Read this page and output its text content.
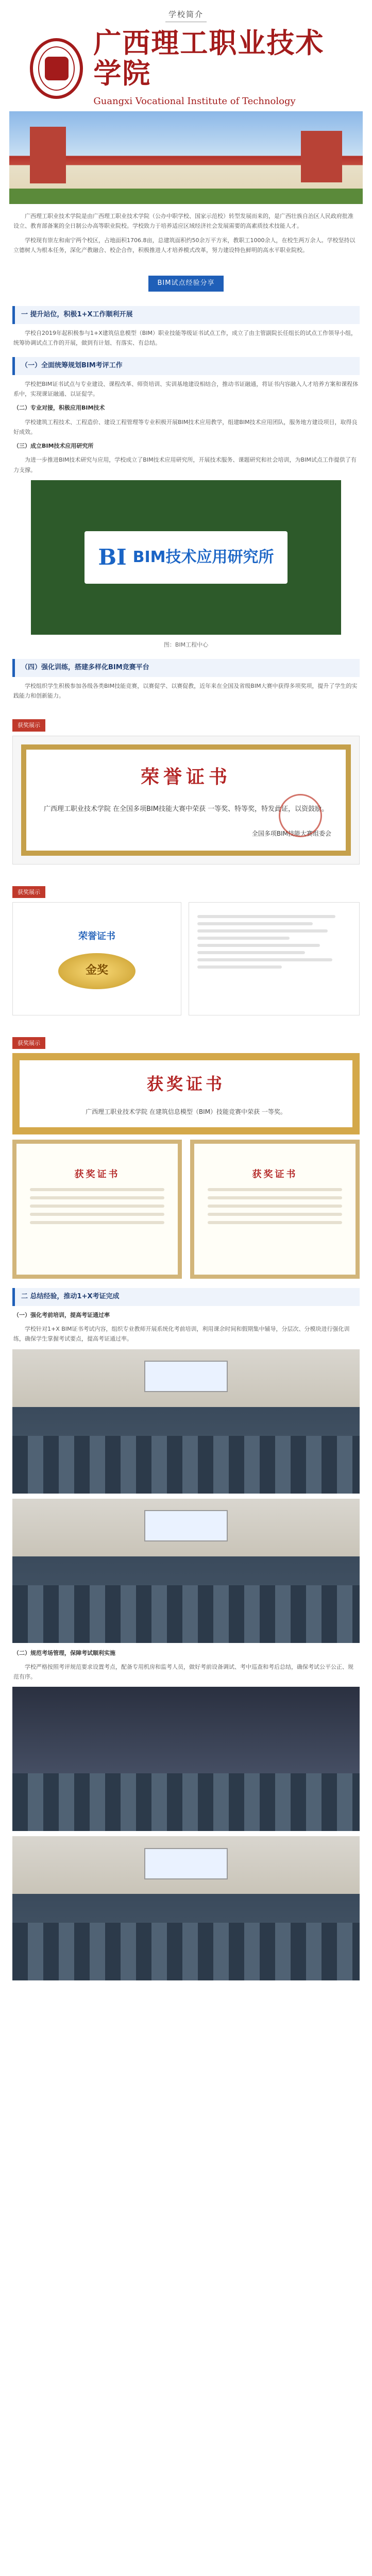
学校简介
广西理工职业技术学院
Guangxi Vocational Institute of Technology

广西理工职业技术学院是由广西理工职业技术学院（公办中职学校、国家示范校）转型发展而来的，是广西壮族自治区人民政府批准设立、教育部备案的全日制公办高等职业院校。学校致力于培养适应区域经济社会发展需要的高素质技术技能人才。

学校现有崇左和南宁两个校区，占地面积1706.8亩，总建筑面积约50余万平方米，教职工1000余人，在校生两万余人。学校坚持以立德树人为根本任务，深化产教融合、校企合作，积极推进人才培养模式改革，努力建设特色鲜明的高水平职业院校。

BIM试点经验分享
一 提升站位，积极1+X工作顺利开展
学校自2019年起积极参与1+X建筑信息模型（BIM）职业技能等级证书试点工作，成立了由主管副院长任组长的试点工作领导小组，统筹协调试点工作的开展，做到有计划、有落实、有总结。
（一）全面统筹规划BIM考评工作
学校把BIM证书试点与专业建设、课程改革、师资培训、实训基地建设相结合，推动书证融通，将证书内容融入人才培养方案和课程体系中，实现课证融通、以证促学。
（二）专业对接，积极应用BIM技术
学校建筑工程技术、工程造价、建设工程管理等专业积极开展BIM技术应用教学，组建BIM技术应用团队，服务地方建设项目，取得良好成效。
（三）成立BIM技术应用研究所
为进一步推进BIM技术研究与应用，学校成立了BIM技术应用研究所，开展技术服务、课题研究和社会培训，为BIM试点工作提供了有力支撑。
BI BIM技术应用研究所
图：BIM工程中心
（四）强化训练，搭建多样化BIM竞赛平台
学校组织学生积极参加各级各类BIM技能竞赛，以赛促学、以赛促教，近年来在全国及省级BIM大赛中获得多项奖项，提升了学生的实践能力和创新能力。
获奖展示
荣誉证书
广西理工职业技术学院 在全国多项BIM技能大赛中荣获 一等奖、特等奖，特发此证，以资鼓励。
全国多项BIM技能大赛组委会
获奖展示
荣誉证书
金奖
获奖展示
获奖证书
广西理工职业技术学院 在建筑信息模型（BIM）技能竞赛中荣获 一等奖。
获奖证书	获奖证书
二 总结经验，推动1+X考证完成
（一）强化考前培训，提高考证通过率
学校针对1+X BIM证书考试内容，组织专业教师开展系统化考前培训，利用课余时间和假期集中辅导，分层次、分模块进行强化训练，确保学生掌握考试要点，提高考证通过率。
（二）规范考场管理，保障考试顺利实施
学校严格按照考评规范要求设置考点，配备专用机房和监考人员，做好考前设备调试、考中巡查和考后总结，确保考试公平公正、规范有序。
